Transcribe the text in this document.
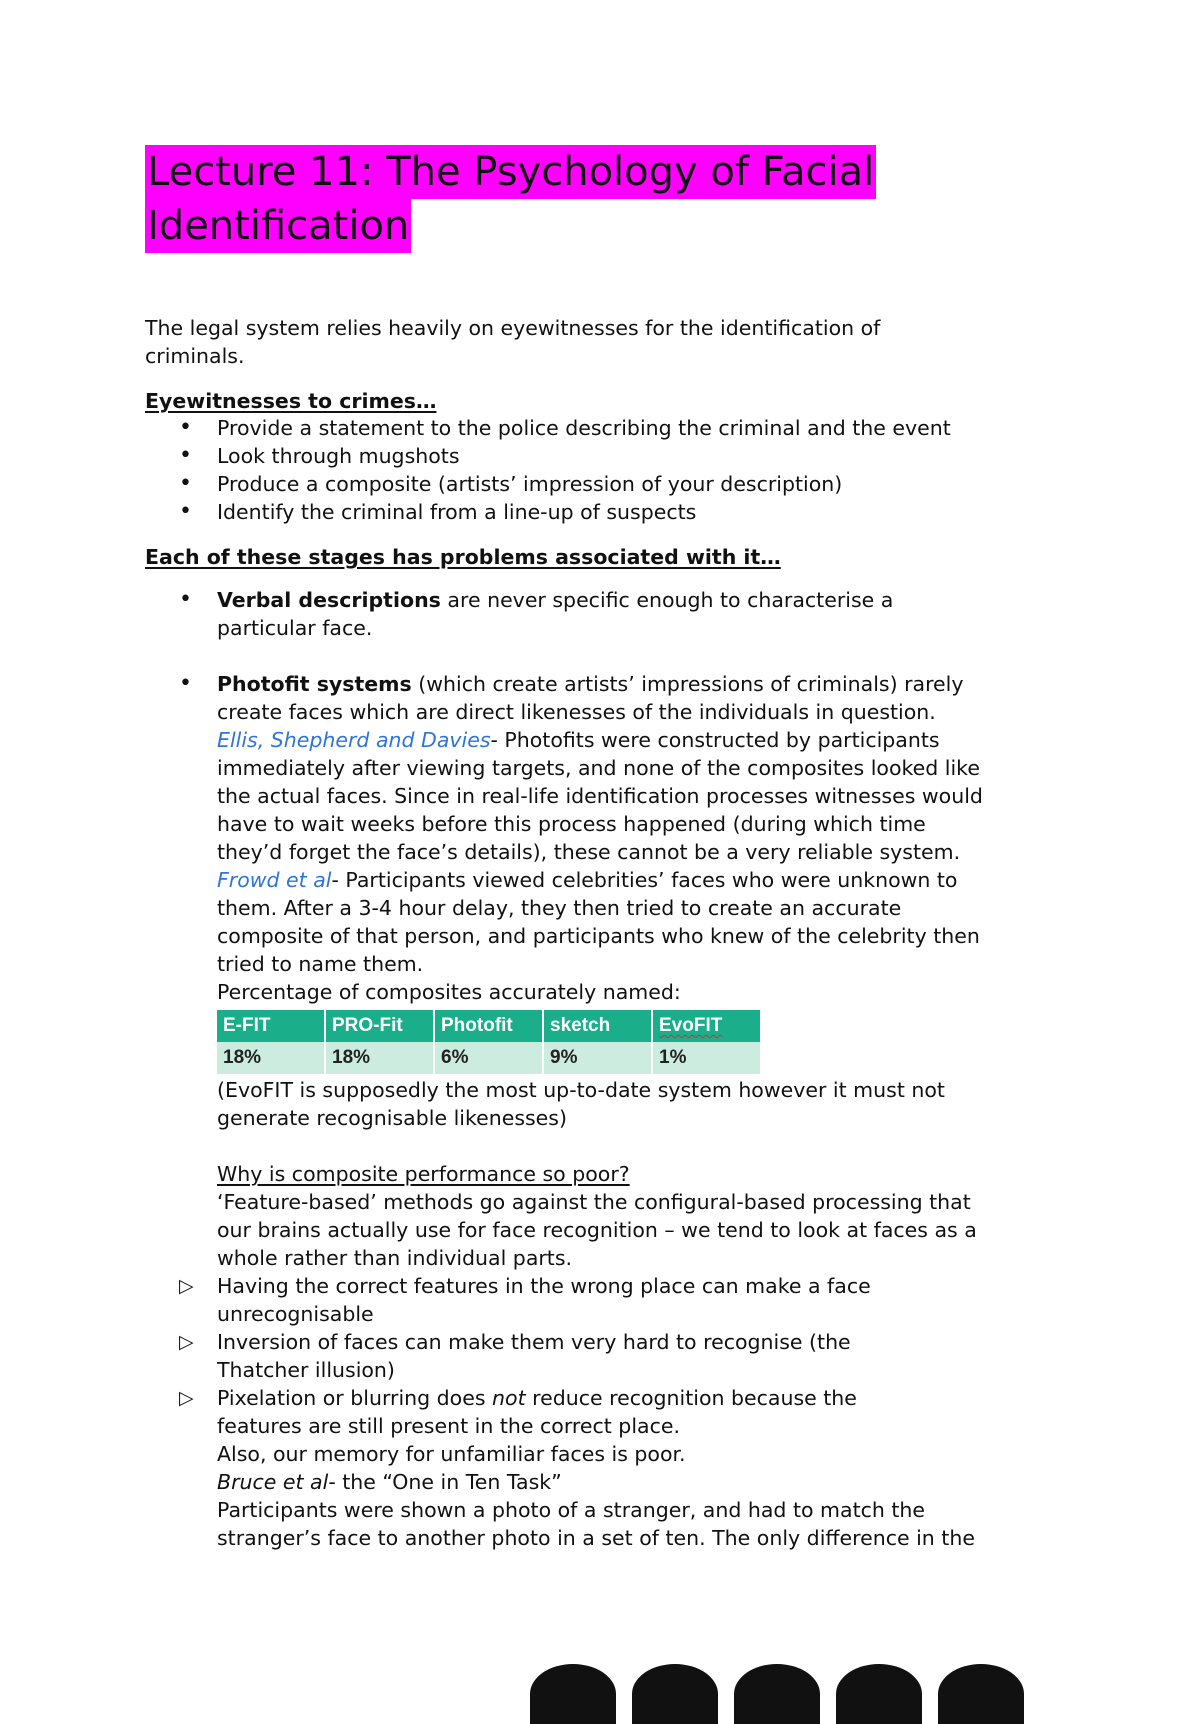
Lecture 11: The Psychology of Facial
Identification
The legal system relies heavily on eyewitnesses for the identification of
criminals.
Eyewitnesses to crimes…
• Provide a statement to the police describing the criminal and the event
• Look through mugshots
• Produce a composite (artists’ impression of your description)
• Identify the criminal from a line-up of suspects
Each of these stages has problems associated with it…
• Verbal descriptions are never specific enough to characterise a
particular face.
• Photofit systems (which create artists’ impressions of criminals) rarely
create faces which are direct likenesses of the individuals in question.
Ellis, Shepherd and Davies- Photofits were constructed by participants
immediately after viewing targets, and none of the composites looked like
the actual faces. Since in real-life identification processes witnesses would
have to wait weeks before this process happened (during which time
they’d forget the face’s details), these cannot be a very reliable system.
Frowd et al- Participants viewed celebrities’ faces who were unknown to
them. After a 3-4 hour delay, they then tried to create an accurate
composite of that person, and participants who knew of the celebrity then
tried to name them.
Percentage of composites accurately named:
E-FIT	PRO-Fit	Photofit	sketch	EvoFIT
18%	18%	6%	9%	1%
(EvoFIT is supposedly the most up-to-date system however it must not
generate recognisable likenesses)
Why is composite performance so poor?
‘Feature-based’ methods go against the configural-based processing that
our brains actually use for face recognition – we tend to look at faces as a
whole rather than individual parts.
▷ Having the correct features in the wrong place can make a face
unrecognisable
▷ Inversion of faces can make them very hard to recognise (the
Thatcher illusion)
▷ Pixelation or blurring does not reduce recognition because the
features are still present in the correct place.
Also, our memory for unfamiliar faces is poor.
Bruce et al- the “One in Ten Task”
Participants were shown a photo of a stranger, and had to match the
stranger’s face to another photo in a set of ten. The only difference in the
